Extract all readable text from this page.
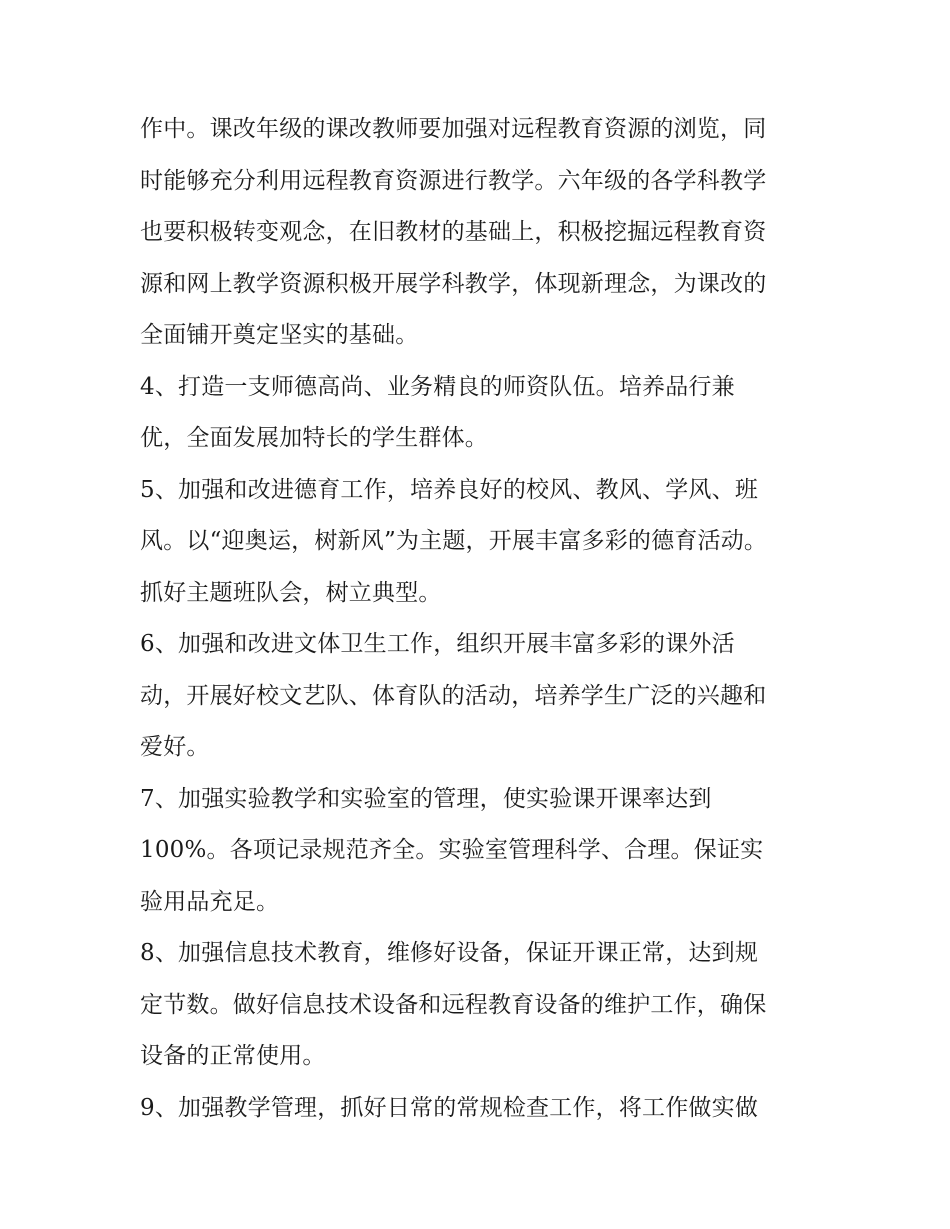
作中。课改年级的课改教师要加强对远程教育资源的浏览，同
时能够充分利用远程教育资源进行教学。六年级的各学科教学
也要积极转变观念，在旧教材的基础上，积极挖掘远程教育资
源和网上教学资源积极开展学科教学，体现新理念，为课改的
全面铺开奠定坚实的基础。
4、打造一支师德高尚、业务精良的师资队伍。培养品行兼
优，全面发展加特长的学生群体。
5、加强和改进德育工作，培养良好的校风、教风、学风、班
风。以“迎奥运，树新风”为主题，开展丰富多彩的德育活动。
抓好主题班队会，树立典型。
6、加强和改进文体卫生工作，组织开展丰富多彩的课外活
动，开展好校文艺队、体育队的活动，培养学生广泛的兴趣和
爱好。
7、加强实验教学和实验室的管理，使实验课开课率达到
100%。各项记录规范齐全。实验室管理科学、合理。保证实
验用品充足。
8、加强信息技术教育，维修好设备，保证开课正常，达到规
定节数。做好信息技术设备和远程教育设备的维护工作，确保
设备的正常使用。
9、加强教学管理，抓好日常的常规检查工作，将工作做实做
